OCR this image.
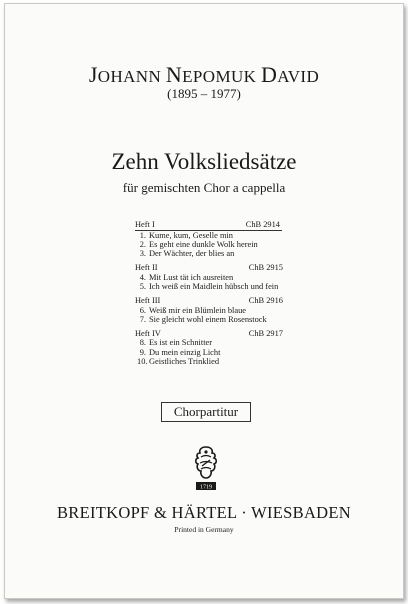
JOHANN NEPOMUK DAVID
(1895 – 1977)
Zehn Volksliedsätze
für gemischten Chor a cappella
Heft I	ChB 2914
1. Kume, kum, Geselle min
2. Es geht eine dunkle Wolk herein
3. Der Wächter, der blies an
Heft II	ChB 2915
4. Mit Lust tät ich ausreiten
5. Ich weiß ein Maidlein hübsch und fein
Heft III	ChB 2916
6. Weiß mir ein Blümlein blaue
7. Sie gleicht wohl einem Rosenstock
Heft IV	ChB 2917
8. Es ist ein Schnitter
9. Du mein einzig Licht
10. Geistliches Trinklied
Chorpartitur
1719
BREITKOPF & HÄRTEL · WIESBADEN
Printed in Germany
